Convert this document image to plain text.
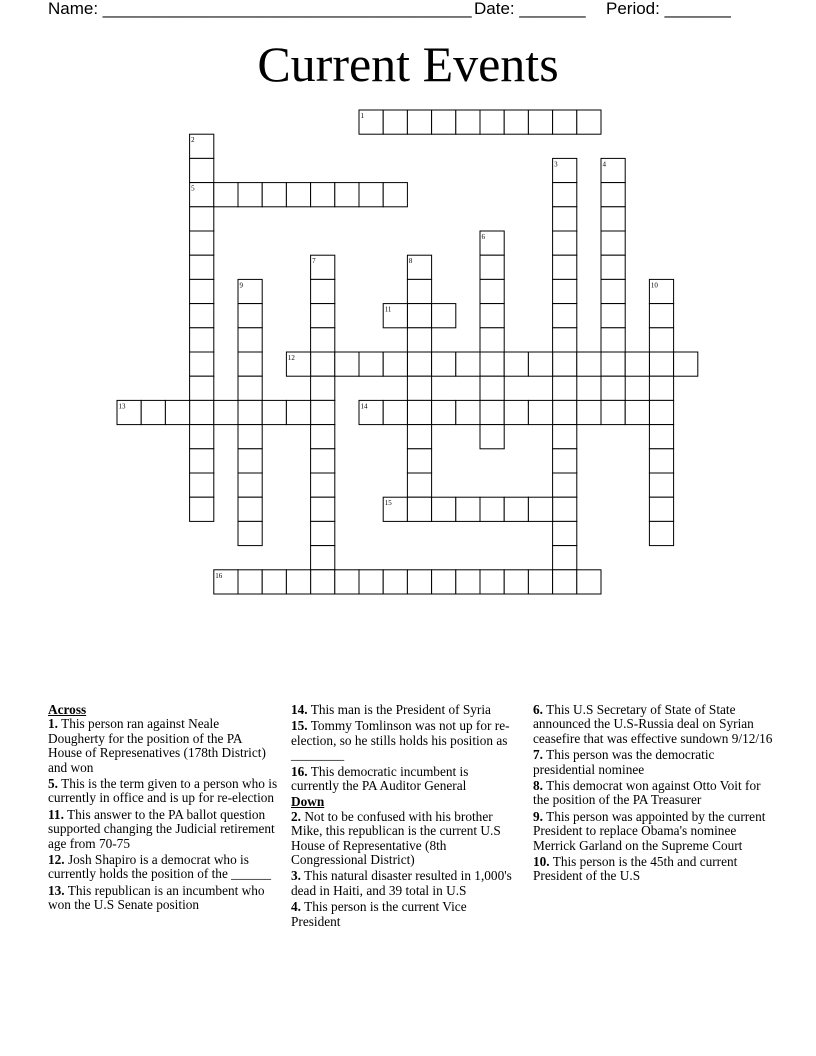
Name: _______________________________________ Date: _______ Period: _______
Current Events
1
2
3	4
5
6
7	8
9	10
11
12
13	14
15
16
Across
1. This person ran against Neale Dougherty for the position of the PA House of Represenatives (178th District) and won
5. This is the term given to a person who is currently in office and is up for re-election
11. This answer to the PA ballot question supported changing the Judicial retirement age from 70-75
12. Josh Shapiro is a democrat who is currently holds the position of the ______
13. This republican is an incumbent who won the U.S Senate position
14. This man is the President of Syria
15. Tommy Tomlinson was not up for re-election, so he stills holds his position as ________
16. This democratic incumbent is currently the PA Auditor General
Down
2. Not to be confused with his brother Mike, this republican is the current U.S House of Representative (8th Congressional District)
3. This natural disaster resulted in 1,000's dead in Haiti, and 39 total in U.S
4. This person is the current Vice President
6. This U.S Secretary of State of State announced the U.S-Russia deal on Syrian ceasefire that was effective sundown 9/12/16
7. This person was the democratic presidential nominee
8. This democrat won against Otto Voit for the position of the PA Treasurer
9. This person was appointed by the current President to replace Obama's nominee Merrick Garland on the Supreme Court
10. This person is the 45th and current President of the U.S
